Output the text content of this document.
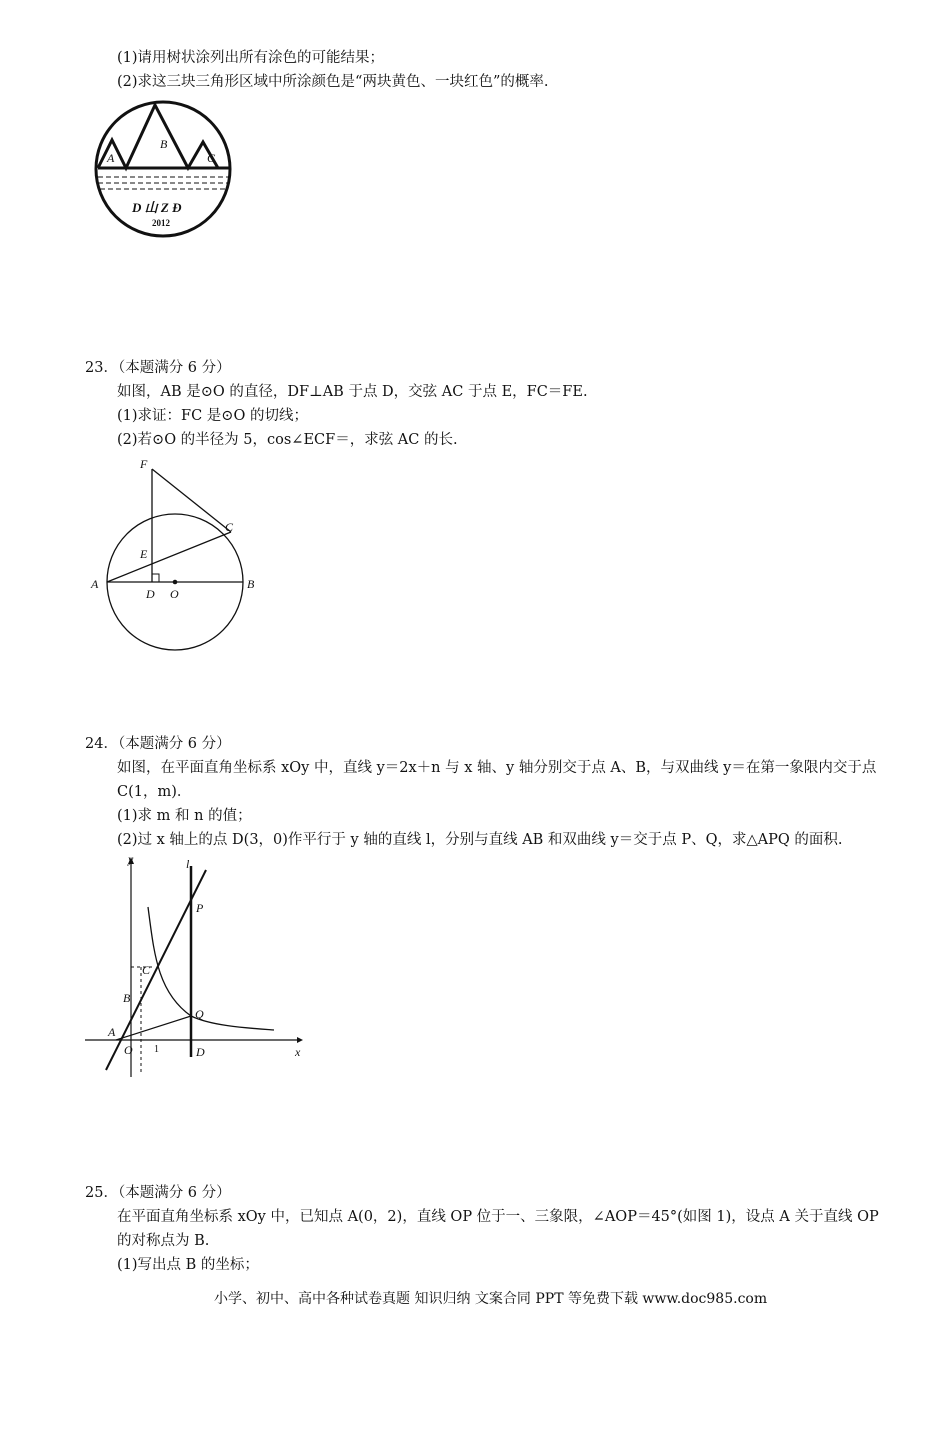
(1)请用树状涂列出所有涂色的可能结果；
(2)求这三块三角形区域中所涂颜色是“两块黄色、一块红色”的概率.
A
B
C
D 山 Z Ð
2012
23．（本题满分 6 分）
如图，AB 是⊙O 的直径，DF⊥AB 于点 D，交弦 AC 于点 E，FC＝FE.
(1)求证：FC 是⊙O 的切线；
(2)若⊙O 的半径为 5，cos∠ECF＝，求弦 AC 的长.
F
C
E
A
D O
B
24．（本题满分 6 分）
如图，在平面直角坐标系 xOy 中，直线 y＝2x＋n 与 x 轴、y 轴分别交于点 A、B，与双曲线 y＝在第一象限内交于点
C(1，m)．
(1)求 m 和 n 的值；
(2)过 x 轴上的点 D(3，0)作平行于 y 轴的直线 l，分别与直线 AB 和双曲线 y＝交于点 P、Q，求△APQ 的面积.
y	l
P
C
B
Q
A
O 1	D	x
25．（本题满分 6 分）
在平面直角坐标系 xOy 中，已知点 A(0，2)，直线 OP 位于一、三象限，∠AOP＝45°(如图 1)，设点 A 关于直线 OP
的对称点为 B.
(1)写出点 B 的坐标；
小学、初中、高中各种试卷真题 知识归纳 文案合同 PPT 等免费下载 www.doc985.com
